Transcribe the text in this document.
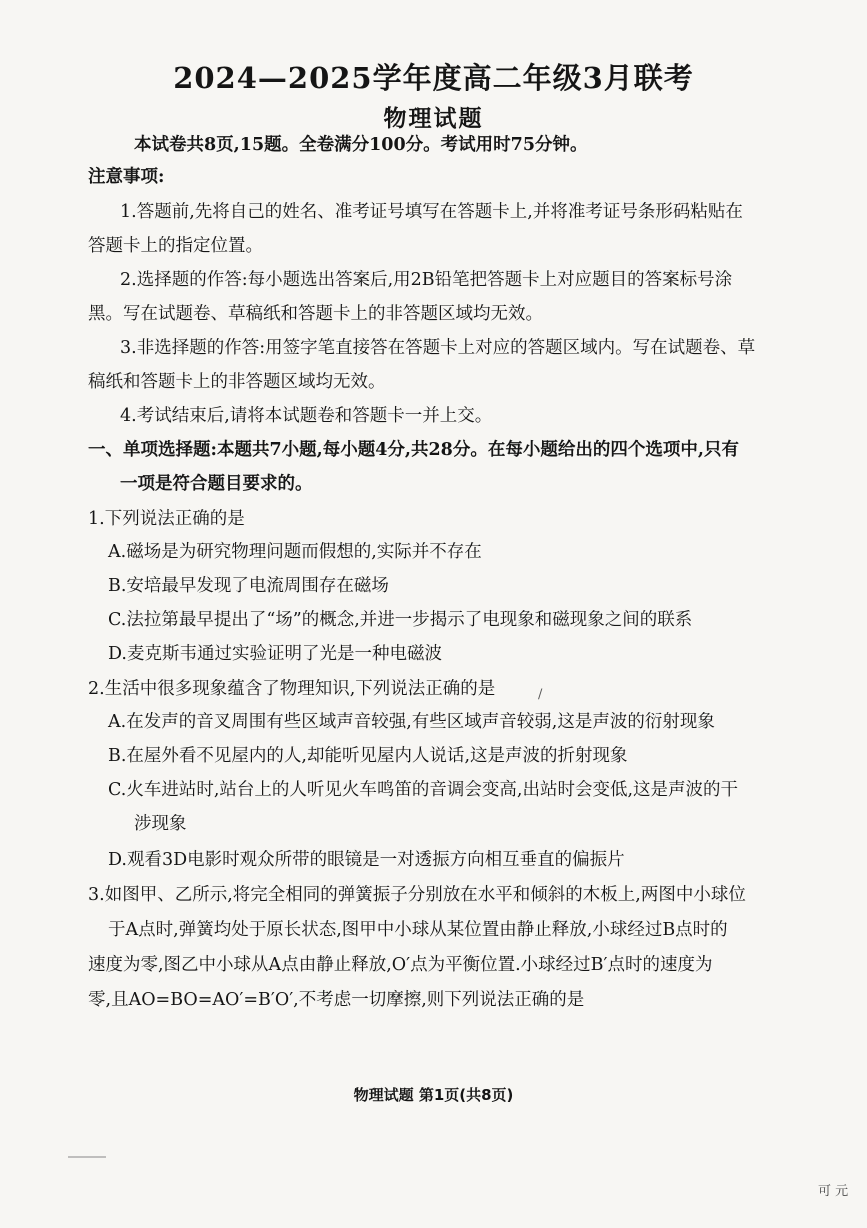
2024—2025学年度高二年级3月联考
物理试题
本试卷共8页,15题。全卷满分100分。考试用时75分钟。
注意事项:
1.答题前,先将自己的姓名、准考证号填写在答题卡上,并将准考证号条形码粘贴在
答题卡上的指定位置。
2.选择题的作答:每小题选出答案后,用2B铅笔把答题卡上对应题目的答案标号涂
黑。写在试题卷、草稿纸和答题卡上的非答题区域均无效。
3.非选择题的作答:用签字笔直接答在答题卡上对应的答题区域内。写在试题卷、草
稿纸和答题卡上的非答题区域均无效。
4.考试结束后,请将本试题卷和答题卡一并上交。
一、单项选择题:本题共7小题,每小题4分,共28分。在每小题给出的四个选项中,只有
一项是符合题目要求的。
1.下列说法正确的是
A.磁场是为研究物理问题而假想的,实际并不存在
B.安培最早发现了电流周围存在磁场
C.法拉第最早提出了“场”的概念,并进一步揭示了电现象和磁现象之间的联系
D.麦克斯韦通过实验证明了光是一种电磁波
2.生活中很多现象蕴含了物理知识,下列说法正确的是	/
A.在发声的音叉周围有些区域声音较强,有些区域声音较弱,这是声波的衍射现象
B.在屋外看不见屋内的人,却能听见屋内人说话,这是声波的折射现象
C.火车进站时,站台上的人听见火车鸣笛的音调会变高,出站时会变低,这是声波的干
涉现象
D.观看3D电影时观众所带的眼镜是一对透振方向相互垂直的偏振片
3.如图甲、乙所示,将完全相同的弹簧振子分别放在水平和倾斜的木板上,两图中小球位
于A点时,弹簧均处于原长状态,图甲中小球从某位置由静止释放,小球经过B点时的
速度为零,图乙中小球从A点由静止释放,O′点为平衡位置.小球经过B′点时的速度为
零,且AO=BO=AO′=B′O′,不考虑一切摩擦,则下列说法正确的是
物理试题 第1页(共8页)
可 元
